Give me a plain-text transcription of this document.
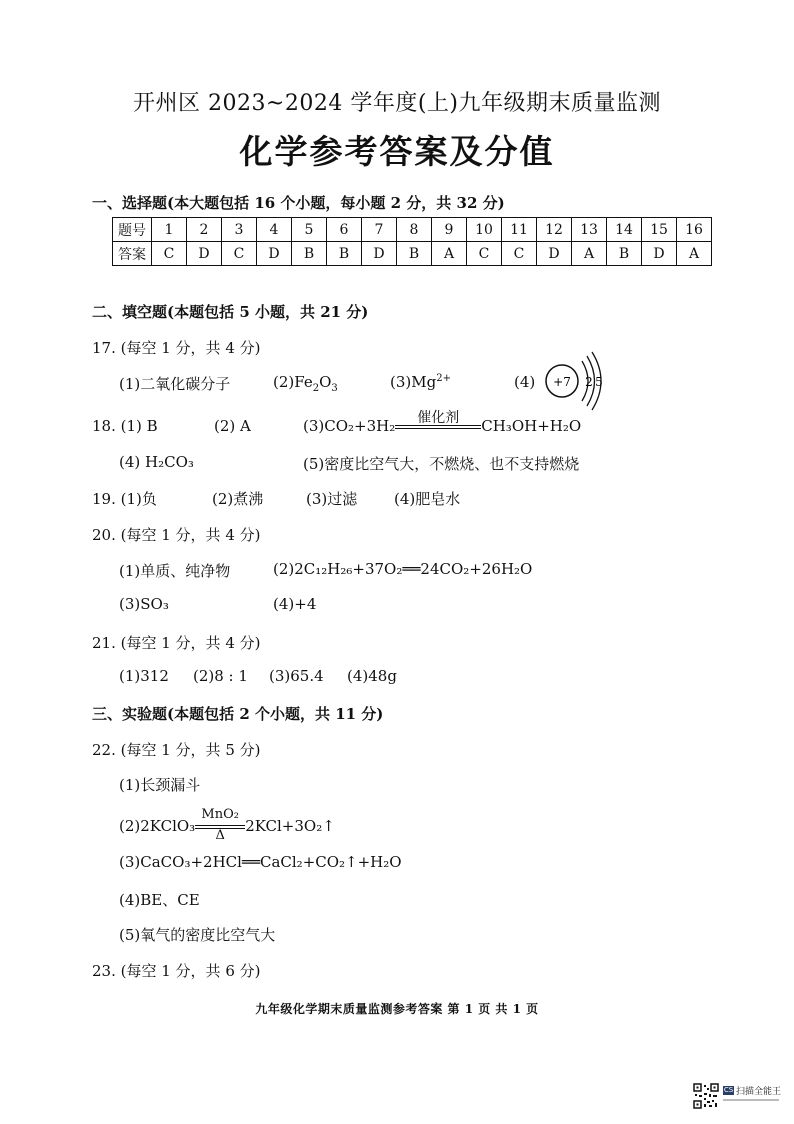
开州区 2023~2024 学年度(上)九年级期末质量监测
化学参考答案及分值
一、选择题(本大题包括 16 个小题，每小题 2 分，共 32 分)
题号	1	2	3	4	5	6	7	8	9	10	11	12	13	14	15	16
答案	C	D	C	D	B	B	D	B	A	C	C	D	A	B	D	A
二、填空题(本题包括 5 小题，共 21 分)
17. (每空 1 分，共 4 分)
(1)二氧化碳分子	$(2)Fe_2O_3$	$(3)Mg^{2+}$	(4) +7 2 5
18. (1) B	(2) A	(3)CO₂+3H₂	催化剂	CH₃OH+H₂O
(4) H₂CO₃	(5)密度比空气大，不燃烧、也不支持燃烧
19. (1)负	(2)煮沸	(3)过滤 (4)肥皂水
20. (每空 1 分，共 4 分)
(1)单质、纯净物	(2)2C₁₂H₂₆+37O₂══24CO₂+26H₂O
(3)SO₃	(4)+4
21. (每空 1 分，共 4 分)
(1)312 (2)8 : 1 (3)65.4 (4)48g
三、实验题(本题包括 2 个小题，共 11 分)
22. (每空 1 分，共 5 分)
(1)长颈漏斗
(2)2KClO₃
MnO₂
Δ
2KCl+3O₂↑
(3)CaCO₃+2HCl══CaCl₂+CO₂↑+H₂O
(4)BE、CE
(5)氧气的密度比空气大
23. (每空 1 分，共 6 分)
九年级化学期末质量监测参考答案 第 1 页 共 1 页
CS 扫描全能王
